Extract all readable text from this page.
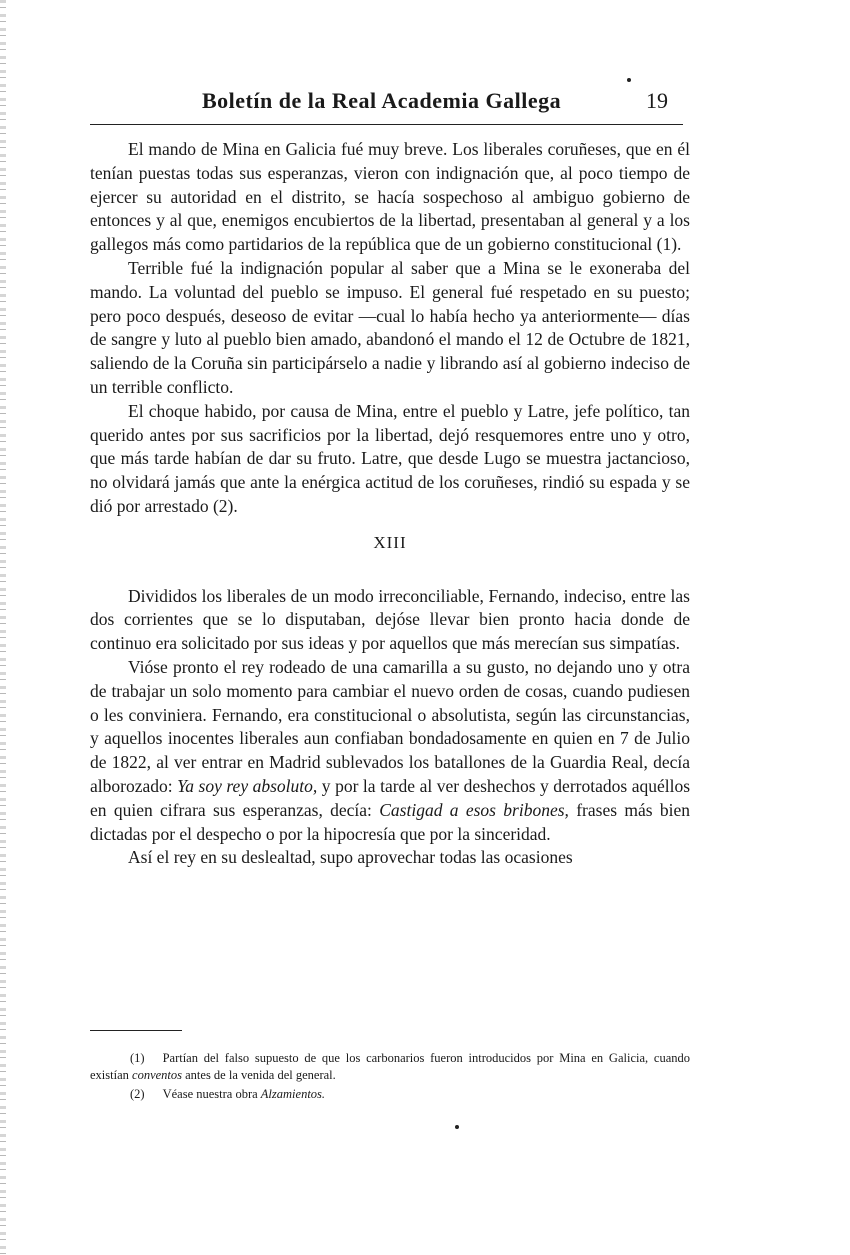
Boletín de la Real Academia Gallega	19

El mando de Mina en Galicia fué muy breve. Los liberales coruñeses, que en él tenían puestas todas sus esperanzas, vieron con indignación que, al poco tiempo de ejercer su autoridad en el distrito, se hacía sospechoso al ambiguo gobierno de entonces y al que, enemigos encubiertos de la libertad, presentaban al general y a los gallegos más como partidarios de la república que de un gobierno constitucional (1).

Terrible fué la indignación popular al saber que a Mina se le exoneraba del mando. La voluntad del pueblo se impuso. El general fué respetado en su puesto; pero poco después, deseoso de evitar —cual lo había hecho ya anteriormente— días de sangre y luto al pueblo bien amado, abandonó el mando el 12 de Octubre de 1821, saliendo de la Coruña sin participárselo a nadie y librando así al gobierno indeciso de un terrible conflicto.

El choque habido, por causa de Mina, entre el pueblo y Latre, jefe político, tan querido antes por sus sacrificios por la libertad, dejó resquemores entre uno y otro, que más tarde habían de dar su fruto. Latre, que desde Lugo se muestra jactancioso, no olvidará jamás que ante la enérgica actitud de los coruñeses, rindió su espada y se dió por arrestado (2).

XIII

Divididos los liberales de un modo irreconciliable, Fernando, indeciso, entre las dos corrientes que se lo disputaban, dejóse llevar bien pronto hacia donde de continuo era solicitado por sus ideas y por aquellos que más merecían sus simpatías.

Vióse pronto el rey rodeado de una camarilla a su gusto, no dejando uno y otra de trabajar un solo momento para cambiar el nuevo orden de cosas, cuando pudiesen o les conviniera. Fernando, era constitucional o absolutista, según las circunstancias, y aquellos inocentes liberales aun confiaban bondadosamente en quien en 7 de Julio de 1822, al ver entrar en Madrid sublevados los batallones de la Guardia Real, decía alborozado: Ya soy rey absoluto, y por la tarde al ver deshechos y derrotados aquéllos en quien cifrara sus esperanzas, decía: Castigad a esos bribones, frases más bien dictadas por el despecho o por la hipocresía que por la sinceridad.

Así el rey en su deslealtad, supo aprovechar todas las ocasiones

(1) Partían del falso supuesto de que los carbonarios fueron introducidos por Mina en Galicia, cuando existían conventos antes de la venida del general.

(2) Véase nuestra obra Alzamientos.
